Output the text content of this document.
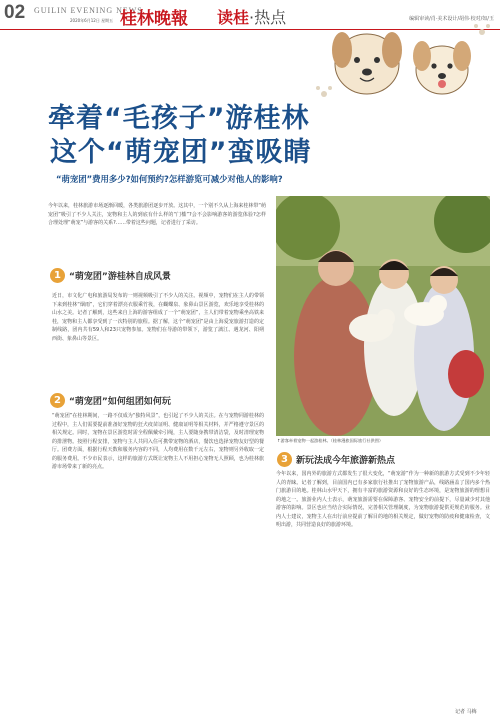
02 GUILIN EVENING NEWS
2020年6月12日 星期五 桂林晚報 读桂·热点	编辑审读/肖·美术设计/胡伟·校对/如/玉
牵着“毛孩子”游桂林
这个“萌宠团”蛮吸睛
“萌宠团”费用多少?如何预约?怎样游览可减少对他人的影响?
今年以来，桂林旅游市场逐渐回暖，各类旅游团逐步开放。这其中，一个别不久从上海来桂林带“萌宠团”吸引了不少人关注，宠物和主人的到底有什么样的“门槛”?会不会影响游客的游览体验?怎样合理处理“萌宠”与游客的关系?……带着这些问题，记者进行了采访。
1 “萌宠团”游桂林自成风景
近日，市文化广电和旅游局发布的一则视频吸引了不少人的关注。视频中，宠物们在主人的带领下来到桂林“烟雨”，它们穿着漂亮衣服乘竹筏，在蝴蝶泉、象鼻山景区游览，欢乐地享受桂林的山水之美。记者了解到，这些来自上海的游客组成了一个“萌宠团”，主人们带着宠物乘坐高铁来桂，宠物和主人都享受到了一次特别的旅程。据了解，这个“萌宠团”是由上海爱宠旅游打造的定制线路，团内共有59人和23只宠物参加。宠物们在导游的带领下，游览了漓江、遇龙河、阳朔西街、象鼻山等景区。
2 “萌宠团”如何组团如何玩
“萌宠团”在桂林期间，一路不仅成为“独特风景”，也引起了不少人的关注。在与宠物同游桂林的过程中，主人们需要提前准备好宠物的狂犬疫苗证明、健康证明等相关材料，并严格遵守景区的相关规定。同时，宠物在景区游览时需全程佩戴牵引绳，主人要随身携带清洁袋，及时清理宠物的排泄物。按照行程安排，宠物与主人共同入住可携带宠物的酒店，餐饮也选择宠物友好型的餐厅。团费方面，根据行程天数和服务内容的不同，人均费用在数千元左右，宠物则另外收取一定的服务费用。不少市民表示，这样的旅游方式既让宠物主人不用担心宠物无人照顾，也为桂林旅游市场带来了新的亮点。
↑游客牵着宠物一起游桂林。（桂林漫旅国际旅行社供图）
3 新玩法成今年旅游新热点
今年以来，国内外的旅游方式都发生了很大变化，“萌宠游”作为一种新的旅游方式受到不少年轻人的青睐。记者了解到，目前国内已有多家旅行社推出了宠物旅游产品，线路涵盖了国内多个热门旅游目的地。桂林山水甲天下，拥有丰富的旅游资源和良好的生态环境，是宠物旅游的理想目的地之一。旅游业内人士表示，萌宠旅游需要在保障游客、宠物安全的前提下，尽量减少对其他游客的影响。景区也应当结合实际情况，完善相关管理制度，为宠物旅游提供更规范的服务。业内人士建议，宠物主人在出行前应提前了解目的地的相关规定，做好宠物的防疫和健康检查，文明出游，共同营造良好的旅游环境。
记者 马梅
